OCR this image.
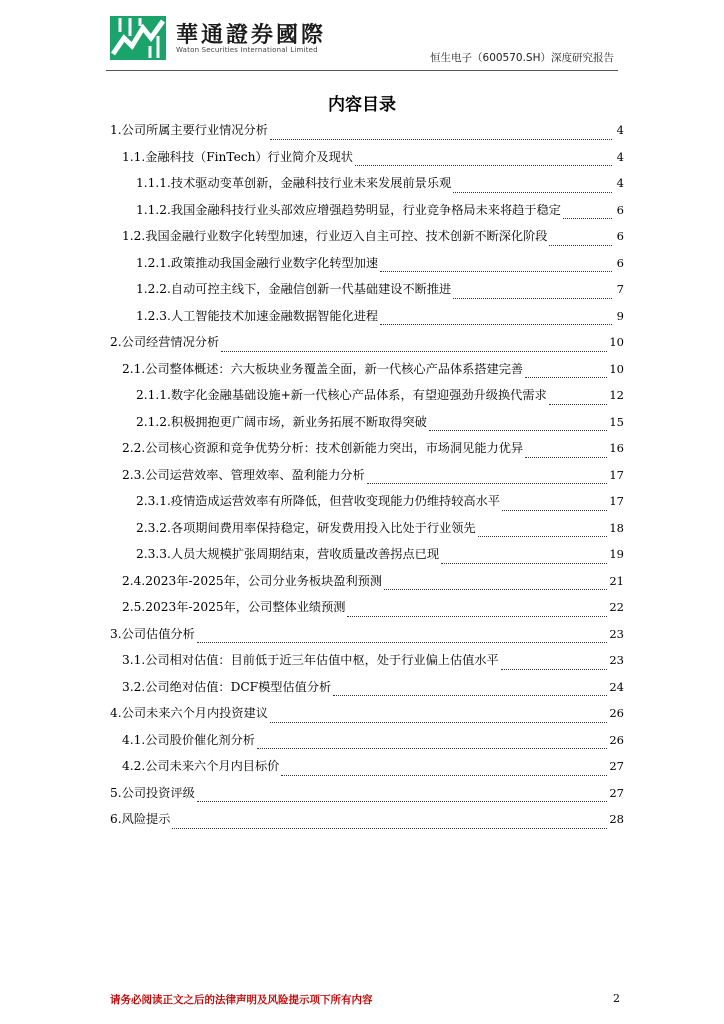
華通證券國際
Waton Securities International Limited
恒生电子（600570.SH）深度研究报告
内容目录
1.公司所属主要行业情况分析	4
1.1.金融科技（FinTech）行业简介及现状	4
1.1.1.技术驱动变革创新，金融科技行业未来发展前景乐观	4
1.1.2.我国金融科技行业头部效应增强趋势明显，行业竞争格局未来将趋于稳定	6
1.2.我国金融行业数字化转型加速，行业迈入自主可控、技术创新不断深化阶段	6
1.2.1.政策推动我国金融行业数字化转型加速	6
1.2.2.自动可控主线下，金融信创新一代基础建设不断推进	7
1.2.3.人工智能技术加速金融数据智能化进程	9
2.公司经营情况分析	10
2.1.公司整体概述：六大板块业务覆盖全面，新一代核心产品体系搭建完善	10
2.1.1.数字化金融基础设施+新一代核心产品体系，有望迎强劲升级换代需求	12
2.1.2.积极拥抱更广阔市场，新业务拓展不断取得突破	15
2.2.公司核心资源和竞争优势分析：技术创新能力突出，市场洞见能力优异	16
2.3.公司运营效率、管理效率、盈利能力分析	17
2.3.1.疫情造成运营效率有所降低，但营收变现能力仍维持较高水平	17
2.3.2.各项期间费用率保持稳定，研发费用投入比处于行业领先	18
2.3.3.人员大规模扩张周期结束，营收质量改善拐点已现	19
2.4.2023年-2025年，公司分业务板块盈利预测	21
2.5.2023年-2025年，公司整体业绩预测	22
3.公司估值分析	23
3.1.公司相对估值：目前低于近三年估值中枢，处于行业偏上估值水平	23
3.2.公司绝对估值：DCF模型估值分析	24
4.公司未来六个月内投资建议	26
4.1.公司股价催化剂分析	26
4.2.公司未来六个月内目标价	27
5.公司投资评级	27
6.风险提示	28
请务必阅读正文之后的法律声明及风险提示项下所有内容	2
